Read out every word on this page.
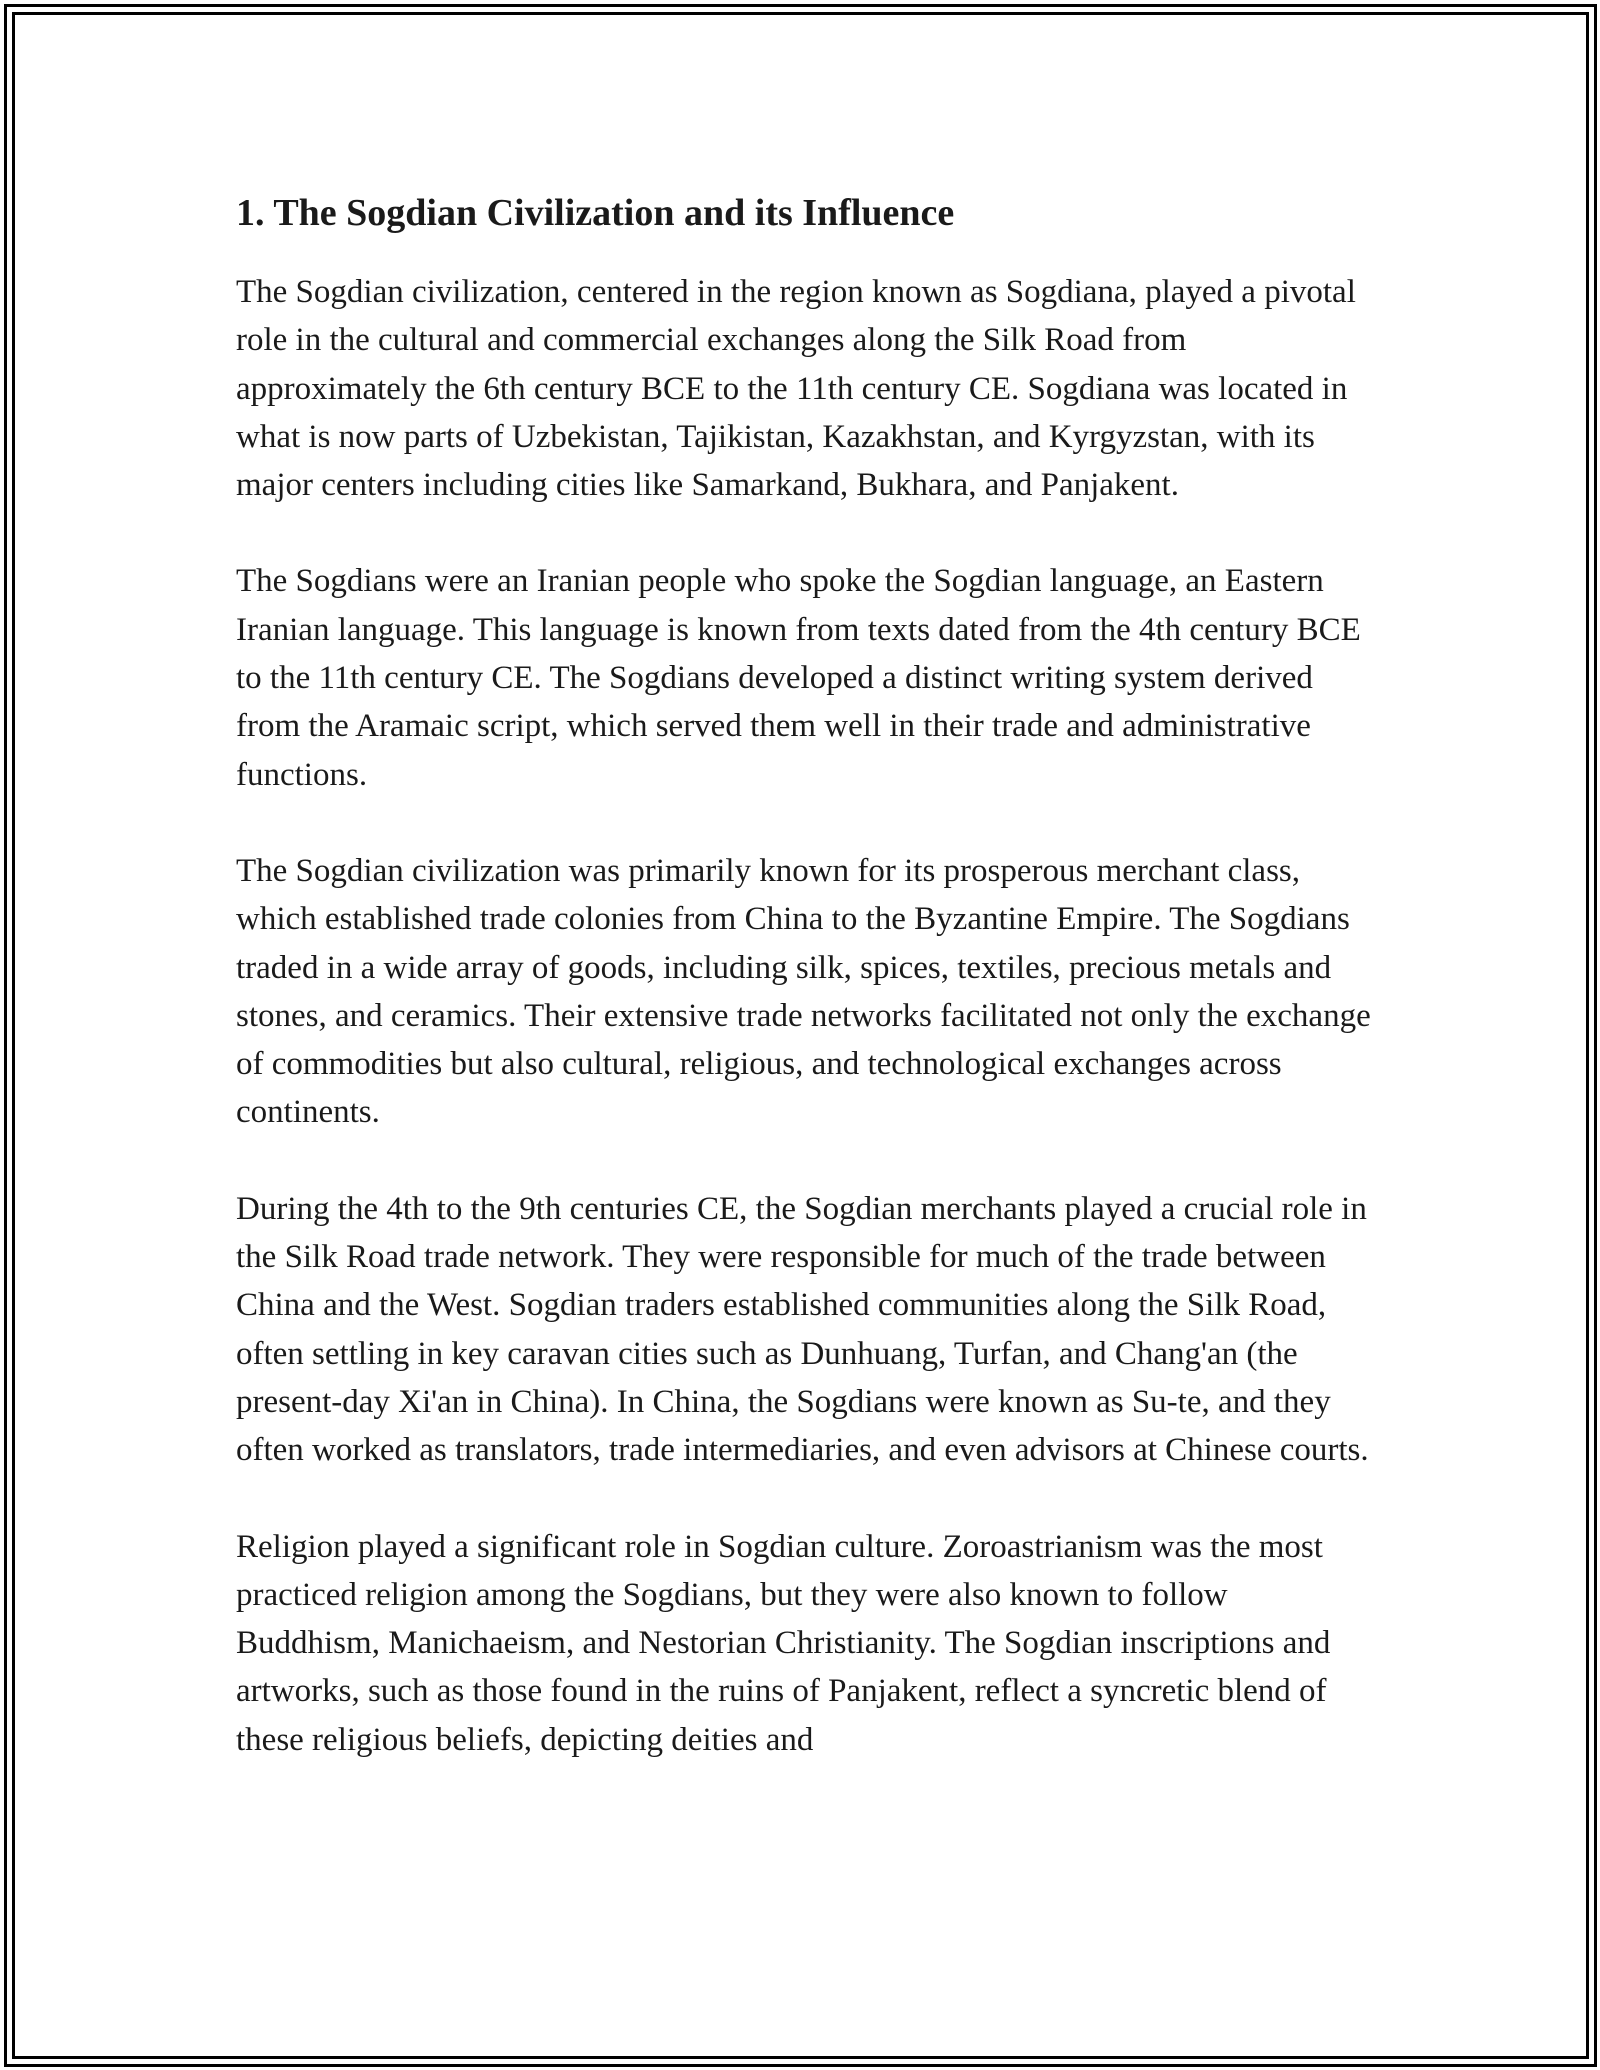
1. The Sogdian Civilization and its Influence

The Sogdian civilization, centered in the region known as Sogdiana, played a pivotal role in the cultural and commercial exchanges along the Silk Road from approximately the 6th century BCE to the 11th century CE. Sogdiana was located in what is now parts of Uzbekistan, Tajikistan, Kazakhstan, and Kyrgyzstan, with its major centers including cities like Samarkand, Bukhara, and Panjakent.

The Sogdians were an Iranian people who spoke the Sogdian language, an Eastern Iranian language. This language is known from texts dated from the 4th century BCE to the 11th century CE. The Sogdians developed a distinct writing system derived from the Aramaic script, which served them well in their trade and administrative functions.

The Sogdian civilization was primarily known for its prosperous merchant class, which established trade colonies from China to the Byzantine Empire. The Sogdians traded in a wide array of goods, including silk, spices, textiles, precious metals and stones, and ceramics. Their extensive trade networks facilitated not only the exchange of commodities but also cultural, religious, and technological exchanges across continents.

During the 4th to the 9th centuries CE, the Sogdian merchants played a crucial role in the Silk Road trade network. They were responsible for much of the trade between China and the West. Sogdian traders established communities along the Silk Road, often settling in key caravan cities such as Dunhuang, Turfan, and Chang'an (the present-day Xi'an in China). In China, the Sogdians were known as Su-te, and they often worked as translators, trade intermediaries, and even advisors at Chinese courts.

Religion played a significant role in Sogdian culture. Zoroastrianism was the most practiced religion among the Sogdians, but they were also known to follow Buddhism, Manichaeism, and Nestorian Christianity. The Sogdian inscriptions and artworks, such as those found in the ruins of Panjakent, reflect a syncretic blend of these religious beliefs, depicting deities and
